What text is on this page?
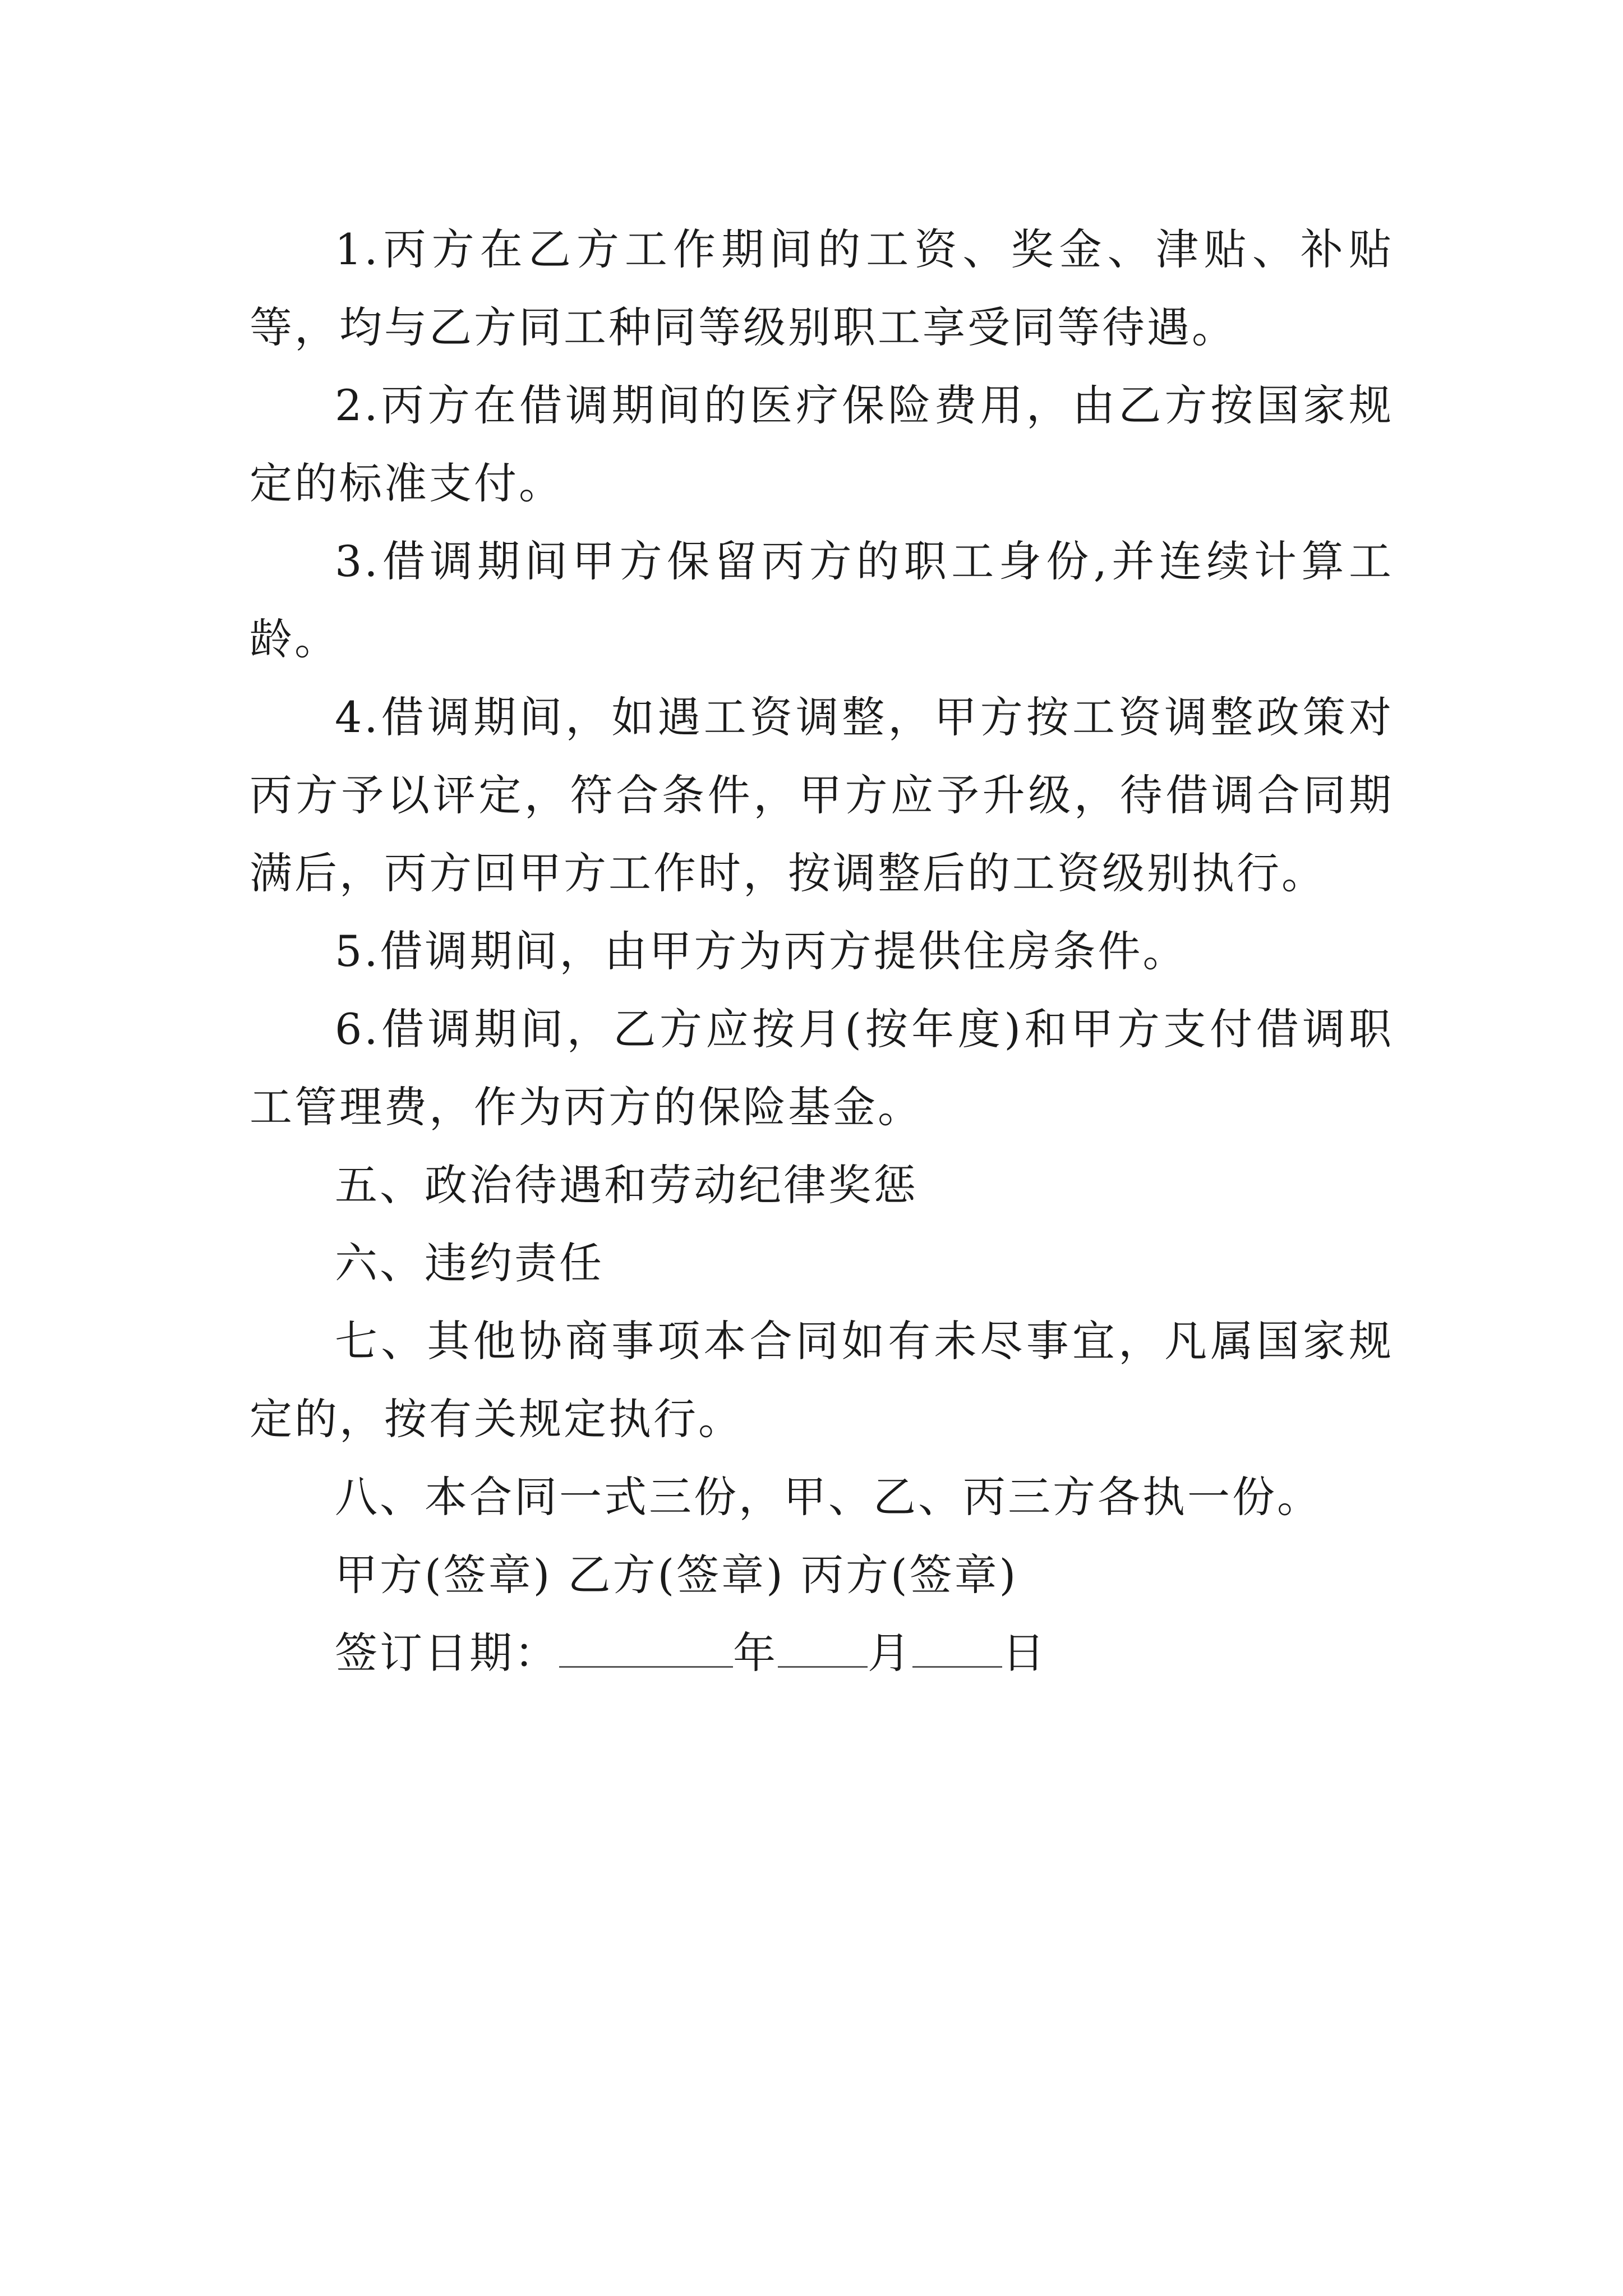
1.丙方在乙方工作期间的工资、奖金、津贴、补贴等，均与乙方同工种同等级别职工享受同等待遇。

2.丙方在借调期间的医疗保险费用，由乙方按国家规定的标准支付。

3.借调期间甲方保留丙方的职工身份,并连续计算工龄。

4.借调期间，如遇工资调整，甲方按工资调整政策对丙方予以评定，符合条件，甲方应予升级，待借调合同期满后，丙方回甲方工作时，按调整后的工资级别执行。

5.借调期间，由甲方为丙方提供住房条件。

6.借调期间，乙方应按月(按年度)和甲方支付借调职工管理费，作为丙方的保险基金。

五、政治待遇和劳动纪律奖惩

六、违约责任

七、其他协商事项本合同如有未尽事宜，凡属国家规定的，按有关规定执行。

八、本合同一式三份，甲、乙、丙三方各执一份。

甲方(签章) 乙方(签章) 丙方(签章)

签订日期：	年 月 日
